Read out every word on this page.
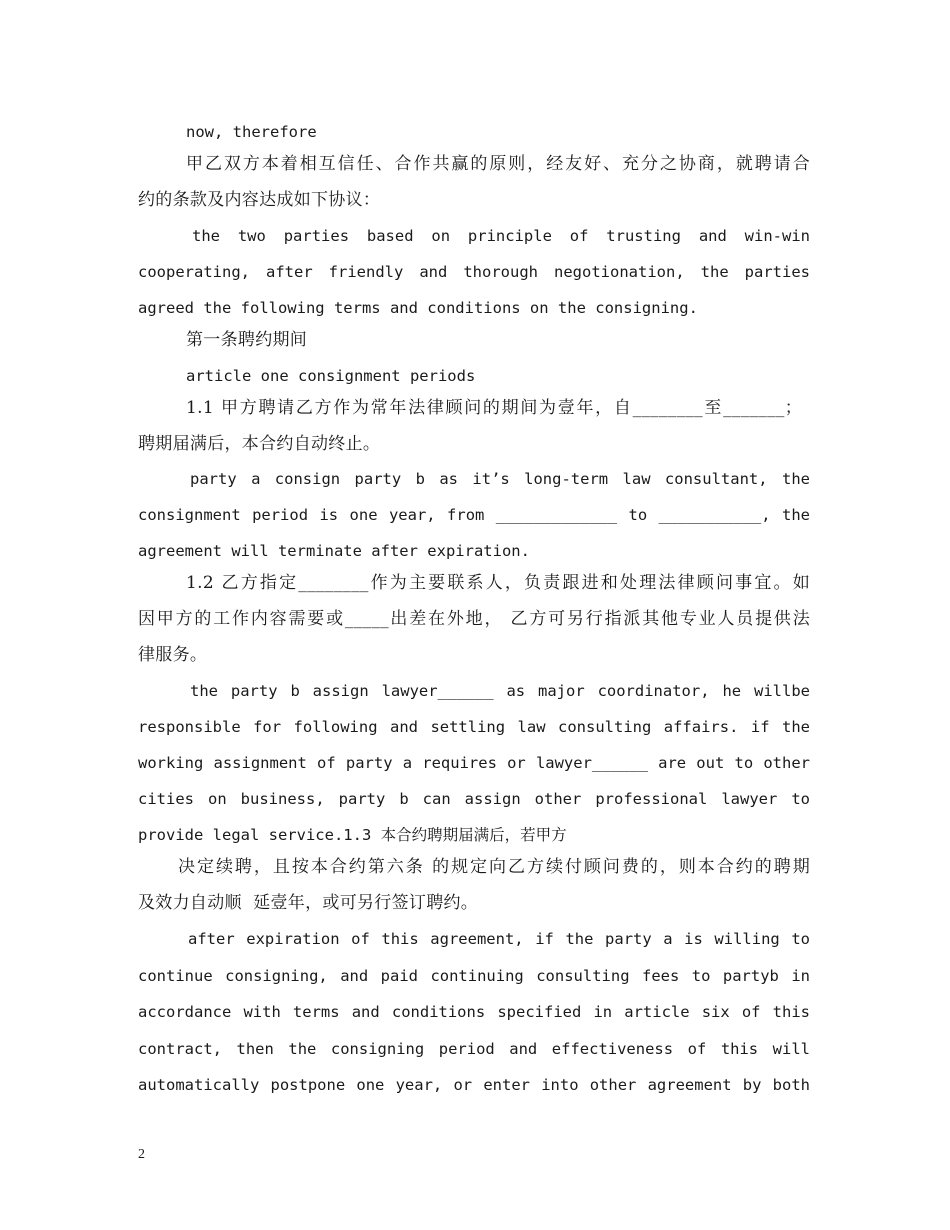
now, therefore
甲乙双方本着相互信任、合作共赢的原则，经友好、充分之协商，就聘请合
约的条款及内容达成如下协议：
the two parties based on principle of trusting and win-win
cooperating, after friendly and thorough negotionation, the parties
agreed the following terms and conditions on the consigning.
第一条聘约期间
article one consignment periods
1.1 甲方聘请乙方作为常年法律顾问的期间为壹年，自________至_______；
聘期届满后，本合约自动终止。
party a consign party b as it’s long-term law consultant, the
consignment period is one year, from _____________ to ___________, the
agreement will terminate after expiration.
1.2 乙方指定________作为主要联系人，负责跟进和处理法律顾问事宜。如
因甲方的工作内容需要或_____出差在外地， 乙方可另行指派其他专业人员提供法
律服务。
the party b assign lawyer______ as major coordinator, he willbe
responsible for following and settling law consulting affairs. if the
working assignment of party a requires or lawyer______ are out to other
cities on business, party b can assign other professional lawyer to
provide legal service.1.3 本合约聘期届满后，若甲方
决定续聘，且按本合约第六条 的规定向乙方续付顾问费的，则本合约的聘期
及效力自动顺  延壹年，或可另行签订聘约。
after expiration of this agreement, if the party a is willing to
continue consigning, and paid continuing consulting fees to partyb in
accordance with terms and conditions specified in article six of this
contract, then the consigning period and effectiveness of this will
automatically postpone one year, or enter into other agreement by both
2
